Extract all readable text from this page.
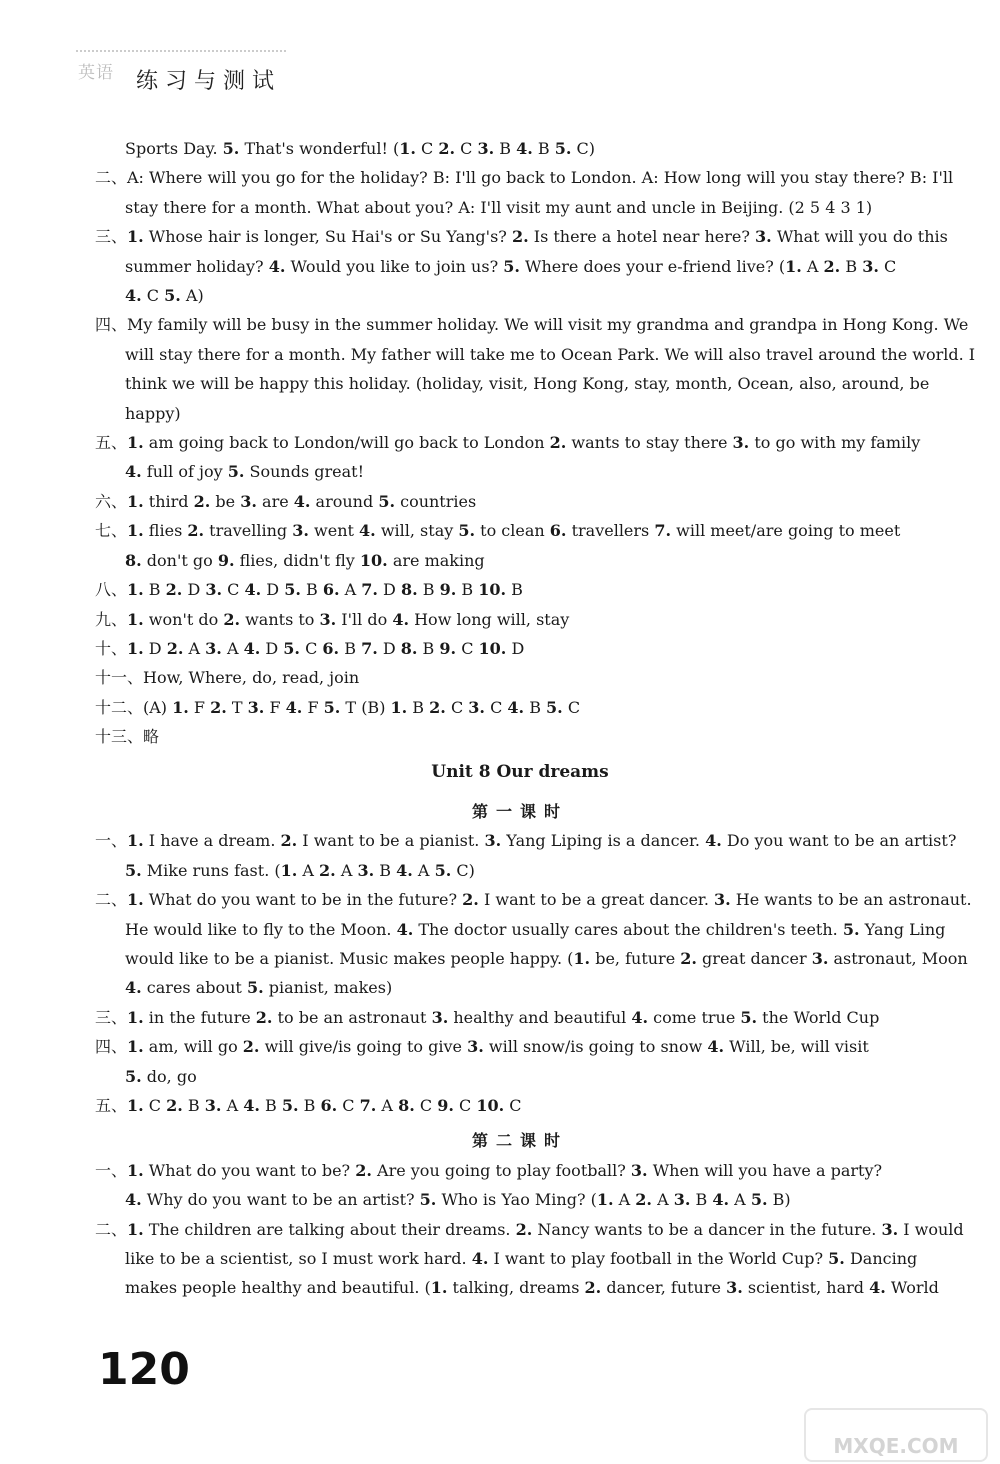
英语 练习与测试
Sports Day. 5. That's wonderful! (1. C 2. C 3. B 4. B 5. C)
二、A: Where will you go for the holiday? B: I'll go back to London. A: How long will you stay there? B: I'll
stay there for a month. What about you? A: I'll visit my aunt and uncle in Beijing. (2 5 4 3 1)
三、1. Whose hair is longer, Su Hai's or Su Yang's? 2. Is there a hotel near here? 3. What will you do this
summer holiday? 4. Would you like to join us? 5. Where does your e-friend live? (1. A 2. B 3. C
4. C 5. A)
四、My family will be busy in the summer holiday. We will visit my grandma and grandpa in Hong Kong. We
will stay there for a month. My father will take me to Ocean Park. We will also travel around the world. I
think we will be happy this holiday. (holiday, visit, Hong Kong, stay, month, Ocean, also, around, be
happy)
五、1. am going back to London/will go back to London 2. wants to stay there 3. to go with my family
4. full of joy 5. Sounds great!
六、1. third 2. be 3. are 4. around 5. countries
七、1. flies 2. travelling 3. went 4. will, stay 5. to clean 6. travellers 7. will meet/are going to meet
8. don't go 9. flies, didn't fly 10. are making
八、1. B 2. D 3. C 4. D 5. B 6. A 7. D 8. B 9. B 10. B
九、1. won't do 2. wants to 3. I'll do 4. How long will, stay
十、1. D 2. A 3. A 4. D 5. C 6. B 7. D 8. B 9. C 10. D
十一、How, Where, do, read, join
十二、(A) 1. F 2. T 3. F 4. F 5. T (B) 1. B 2. C 3. C 4. B 5. C
十三、略
Unit 8 Our dreams
第一课时
一、1. I have a dream. 2. I want to be a pianist. 3. Yang Liping is a dancer. 4. Do you want to be an artist?
5. Mike runs fast. (1. A 2. A 3. B 4. A 5. C)
二、1. What do you want to be in the future? 2. I want to be a great dancer. 3. He wants to be an astronaut.
He would like to fly to the Moon. 4. The doctor usually cares about the children's teeth. 5. Yang Ling
would like to be a pianist. Music makes people happy. (1. be, future 2. great dancer 3. astronaut, Moon
4. cares about 5. pianist, makes)
三、1. in the future 2. to be an astronaut 3. healthy and beautiful 4. come true 5. the World Cup
四、1. am, will go 2. will give/is going to give 3. will snow/is going to snow 4. Will, be, will visit
5. do, go
五、1. C 2. B 3. A 4. B 5. B 6. C 7. A 8. C 9. C 10. C
第二课时
一、1. What do you want to be? 2. Are you going to play football? 3. When will you have a party?
4. Why do you want to be an artist? 5. Who is Yao Ming? (1. A 2. A 3. B 4. A 5. B)
二、1. The children are talking about their dreams. 2. Nancy wants to be a dancer in the future. 3. I would
like to be a scientist, so I must work hard. 4. I want to play football in the World Cup? 5. Dancing
makes people healthy and beautiful. (1. talking, dreams 2. dancer, future 3. scientist, hard 4. World
120
MXQE.COM
